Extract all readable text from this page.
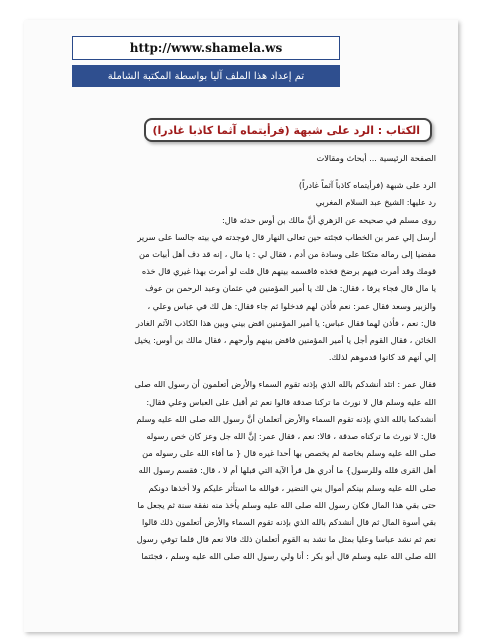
http://www.shamela.ws
تم إعداد هذا الملف آليا بواسطة المكتبة الشاملة
الكتاب : الرد على شبهة (فرأيتماه آثما كاذبا غادرا)
الصفحة الرئيسية ... أبحاث ومقالات
الرد على شبهة (فرأيتماه كاذباً آثماً غادراً)
رد عليها: الشيخ عبد السلام المغربي
روى مسلم في صحيحه عن الزهري أنَّ مالك بن أوس حدثه قال:
أرسل إلي عمر بن الخطاب فجئته حين تعالى النهار قال فوجدته في بيته جالسا على سرير
مفضيا إلى رماله متكئا على وسادة من أدم ، فقال لي : يا مال ، إنه قد دف أهل أبيات من
قومك وقد أمرت فيهم برضخ فخذه فاقسمه بينهم قال قلت لو أمرت بهذا غيري قال خذه
يا مال قال فجاء يرفا ، فقال: هل لك يا أمير المؤمنين في عثمان وعبد الرحمن بن عوف
والزبير وسعد فقال عمر: نعم فأذن لهم فدخلوا ثم جاء فقال: هل لك في عباس وعلي ،
قال: نعم ، فأذن لهما فقال عباس: يا أمير المؤمنين اقض بيني وبين هذا الكاذب الآثم الغادر
الخائن ، فقال القوم أجل يا أمير المؤمنين فاقض بينهم وأرحهم ، فقال مالك بن أوس: يخيل
إلي أنهم قد كانوا قدموهم لذلك.
فقال عمر : اتئد أنشدكم بالله الذي بإذنه تقوم السماء والأرض أتعلمون أن رسول الله صلى
الله عليه وسلم قال لا نورث ما تركنا صدقة قالوا نعم ثم أقبل على العباس وعلي فقال:
أنشدكما بالله الذي بإذنه تقوم السماء والأرض أتعلمان أنَّ رسول الله صلى الله عليه وسلم
قال: لا نورث ما تركناه صدقة ، قالا: نعم ، فقال عمر: إنَّ الله جل وعز كان خص رسوله
صلى الله عليه وسلم بخاصة لم يخصص بها أحدا غيره قال { ما أفاء الله على رسوله من
أهل القرى فلله وللرسول} ما أدري هل قرأ الآية التي قبلها أم لا ، قال: فقسم رسول الله
صلى الله عليه وسلم بينكم أموال بني النضير ، فوالله ما استأثر عليكم ولا أخذها دونكم
حتى بقي هذا المال فكان رسول الله صلى الله عليه وسلم يأخذ منه نفقة سنة ثم يجعل ما
بقي أسوة المال ثم قال أنشدكم بالله الذي بإذنه تقوم السماء والأرض أتعلمون ذلك قالوا
نعم ثم نشد عباسا وعليا بمثل ما نشد به القوم أتعلمان ذلك قالا نعم قال فلما توفي رسول
الله صلى الله عليه وسلم قال أبو بكر : أنا ولي رسول الله صلى الله عليه وسلم ، فجئتما
